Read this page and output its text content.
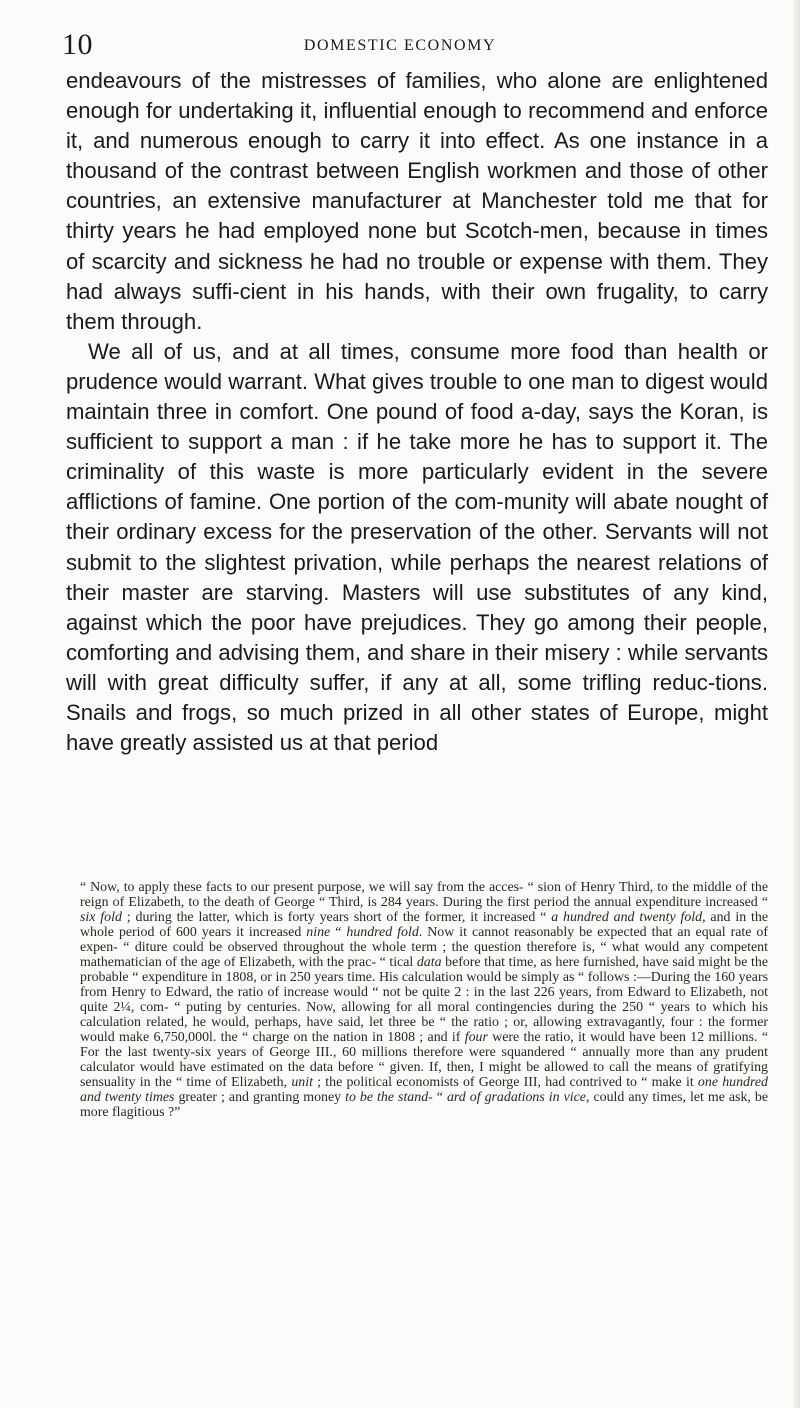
10	DOMESTIC ECONOMY

endeavours of the mistresses of families, who alone are enlightened enough for undertaking it, influential enough to recommend and enforce it, and numerous enough to carry it into effect. As one instance in a thousand of the contrast between English workmen and those of other countries, an extensive manufacturer at Manchester told me that for thirty years he had employed none but Scotch-men, because in times of scarcity and sickness he had no trouble or expense with them. They had always suffi-cient in his hands, with their own frugality, to carry them through.

We all of us, and at all times, consume more food than health or prudence would warrant. What gives trouble to one man to digest would maintain three in comfort. One pound of food a-day, says the Koran, is sufficient to support a man : if he take more he has to support it. The criminality of this waste is more particularly evident in the severe afflictions of famine. One portion of the com-munity will abate nought of their ordinary excess for the preservation of the other. Servants will not submit to the slightest privation, while perhaps the nearest relations of their master are starving. Masters will use substitutes of any kind, against which the poor have prejudices. They go among their people, comforting and advising them, and share in their misery : while servants will with great difficulty suffer, if any at all, some trifling reduc-tions. Snails and frogs, so much prized in all other states of Europe, might have greatly assisted us at that period

“ Now, to apply these facts to our present purpose, we will say from the acces- “ sion of Henry Third, to the middle of the reign of Elizabeth, to the death of George “ Third, is 284 years. During the first period the annual expenditure increased “ six fold ; during the latter, which is forty years short of the former, it increased “ a hundred and twenty fold, and in the whole period of 600 years it increased nine “ hundred fold. Now it cannot reasonably be expected that an equal rate of expen- “ diture could be observed throughout the whole term ; the question therefore is, “ what would any competent mathematician of the age of Elizabeth, with the prac- “ tical data before that time, as here furnished, have said might be the probable “ expenditure in 1808, or in 250 years time. His calculation would be simply as “ follows :—During the 160 years from Henry to Edward, the ratio of increase would “ not be quite 2 : in the last 226 years, from Edward to Elizabeth, not quite 2¼, com- “ puting by centuries. Now, allowing for all moral contingencies during the 250 “ years to which his calculation related, he would, perhaps, have said, let three be “ the ratio ; or, allowing extravagantly, four : the former would make 6,750,000l. the “ charge on the nation in 1808 ; and if four were the ratio, it would have been 12 millions. “ For the last twenty-six years of George III., 60 millions therefore were squandered “ annually more than any prudent calculator would have estimated on the data before “ given. If, then, I might be allowed to call the means of gratifying sensuality in the “ time of Elizabeth, unit ; the political economists of George III, had contrived to “ make it one hundred and twenty times greater ; and granting money to be the stand- “ ard of gradations in vice, could any times, let me ask, be more flagitious ?”
